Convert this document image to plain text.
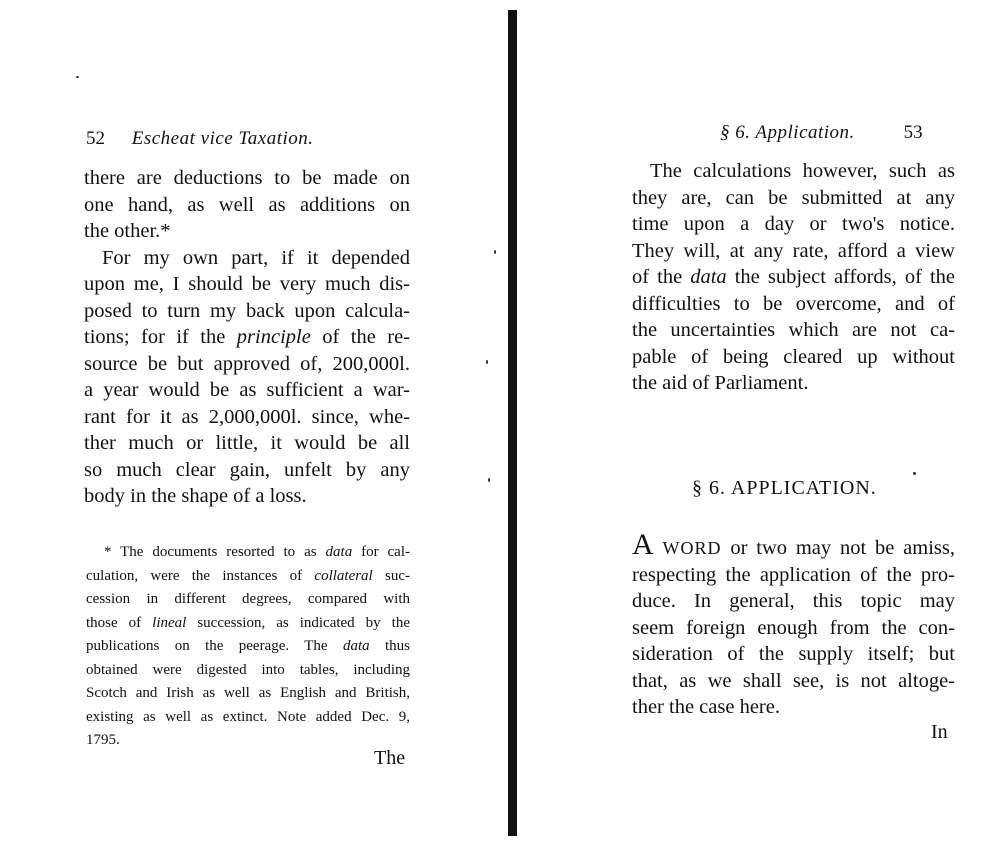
52 Escheat vice Taxation.
there are deductions to be made on
one hand, as well as additions on
the other.*
For my own part, if it depended
upon me, I should be very much dis-
posed to turn my back upon calcula-
tions; for if the principle of the re-
source be but approved of, 200,000l.
a year would be as sufficient a war-
rant for it as 2,000,000l. since, whe-
ther much or little, it would be all
so much clear gain, unfelt by any
body in the shape of a loss.
* The documents resorted to as data for cal-
culation, were the instances of collateral suc-
cession in different degrees, compared with
those of lineal succession, as indicated by the
publications on the peerage. The data thus
obtained were digested into tables, including
Scotch and Irish as well as English and British,
existing as well as extinct. Note added Dec. 9,
1795.
The
§ 6. Application.	53
The calculations however, such as
they are, can be submitted at any
time upon a day or two's notice.
They will, at any rate, afford a view
of the data the subject affords, of the
difficulties to be overcome, and of
the uncertainties which are not ca-
pable of being cleared up without
the aid of Parliament.
§ 6. APPLICATION.
A WORD or two may not be amiss,
respecting the application of the pro-
duce. In general, this topic may
seem foreign enough from the con-
sideration of the supply itself; but
that, as we shall see, is not altoge-
ther the case here.
In
